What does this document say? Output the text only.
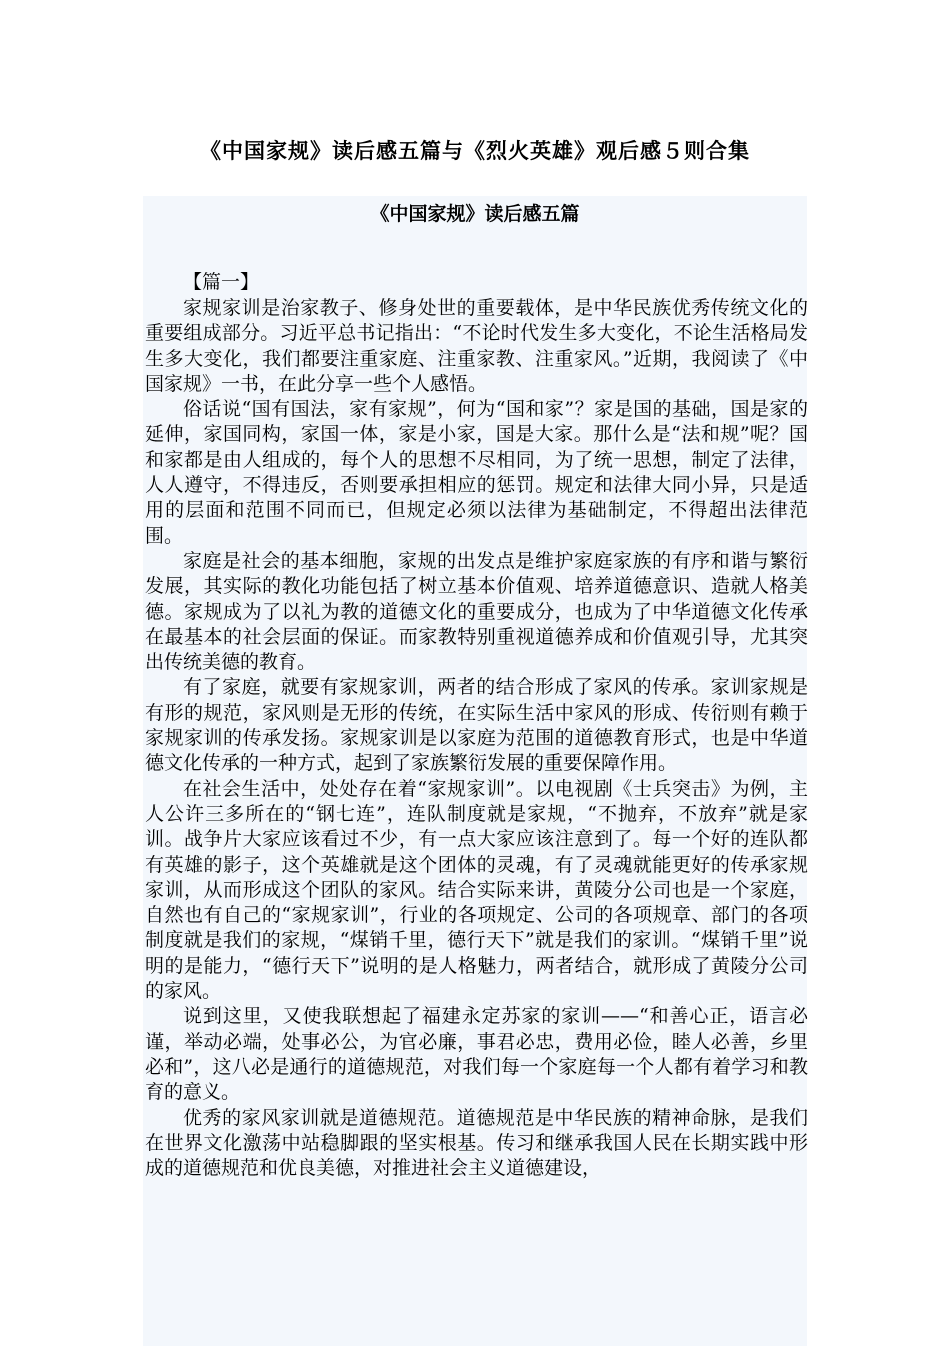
《中国家规》读后感五篇与《烈火英雄》观后感５则合集
《中国家规》读后感五篇
【篇一】

家规家训是治家教子、修身处世的重要载体，是中华民族优秀传统文化的重要组成部分。习近平总书记指出：“不论时代发生多大变化，不论生活格局发生多大变化，我们都要注重家庭、注重家教、注重家风。”近期，我阅读了《中国家规》一书，在此分享一些个人感悟。

俗话说“国有国法，家有家规”，何为“国和家”？家是国的基础，国是家的延伸，家国同构，家国一体，家是小家，国是大家。那什么是“法和规”呢？国和家都是由人组成的，每个人的思想不尽相同，为了统一思想，制定了法律，人人遵守，不得违反，否则要承担相应的惩罚。规定和法律大同小异，只是适用的层面和范围不同而已，但规定必须以法律为基础制定，不得超出法律范围。

家庭是社会的基本细胞，家规的出发点是维护家庭家族的有序和谐与繁衍发展，其实际的教化功能包括了树立基本价值观、培养道德意识、造就人格美德。家规成为了以礼为教的道德文化的重要成分，也成为了中华道德文化传承在最基本的社会层面的保证。而家教特别重视道德养成和价值观引导，尤其突出传统美德的教育。

有了家庭，就要有家规家训，两者的结合形成了家风的传承。家训家规是有形的规范，家风则是无形的传统，在实际生活中家风的形成、传衍则有赖于家规家训的传承发扬。家规家训是以家庭为范围的道德教育形式，也是中华道德文化传承的一种方式，起到了家族繁衍发展的重要保障作用。

在社会生活中，处处存在着“家规家训”。以电视剧《士兵突击》为例，主人公许三多所在的“钢七连”，连队制度就是家规，“不抛弃，不放弃”就是家训。战争片大家应该看过不少，有一点大家应该注意到了。每一个好的连队都有英雄的影子，这个英雄就是这个团体的灵魂，有了灵魂就能更好的传承家规家训，从而形成这个团队的家风。结合实际来讲，黄陵分公司也是一个家庭，自然也有自己的“家规家训”，行业的各项规定、公司的各项规章、部门的各项制度就是我们的家规，“煤销千里，德行天下”就是我们的家训。“煤销千里”说明的是能力，“德行天下”说明的是人格魅力，两者结合，就形成了黄陵分公司的家风。

说到这里，又使我联想起了福建永定苏家的家训——“和善心正，语言必谨，举动必端，处事必公，为官必廉，事君必忠，费用必俭，睦人必善，乡里必和”，这八必是通行的道德规范，对我们每一个家庭每一个人都有着学习和教育的意义。

优秀的家风家训就是道德规范。道德规范是中华民族的精神命脉，是我们在世界文化激荡中站稳脚跟的坚实根基。传习和继承我国人民在长期实践中形成的道德规范和优良美德，对推进社会主义道德建设，
